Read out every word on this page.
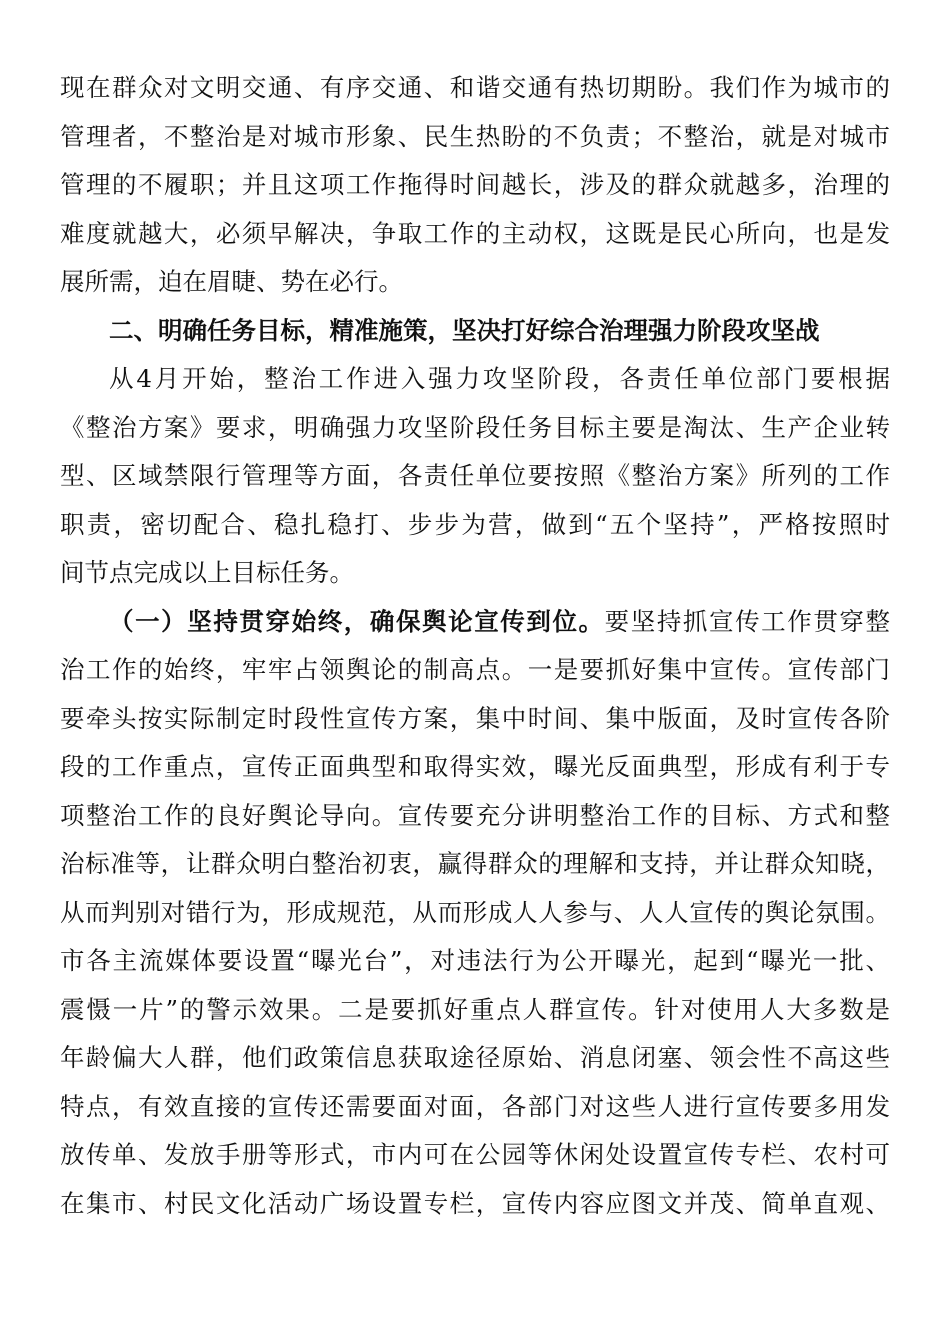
现在群众对文明交通、有序交通、和谐交通有热切期盼。我们作为城市的
管理者，不整治是对城市形象、民生热盼的不负责；不整治，就是对城市
管理的不履职；并且这项工作拖得时间越长，涉及的群众就越多，治理的
难度就越大，必须早解决，争取工作的主动权，这既是民心所向，也是发
展所需，迫在眉睫、势在必行。
二、明确任务目标，精准施策，坚决打好综合治理强力阶段攻坚战
从4月开始，整治工作进入强力攻坚阶段，各责任单位部门要根据
《整治方案》要求，明确强力攻坚阶段任务目标主要是淘汰、生产企业转
型、区域禁限行管理等方面，各责任单位要按照《整治方案》所列的工作
职责，密切配合、稳扎稳打、步步为营，做到“五个坚持”，严格按照时
间节点完成以上目标任务。
（一）坚持贯穿始终，确保舆论宣传到位。要坚持抓宣传工作贯穿整
治工作的始终，牢牢占领舆论的制高点。一是要抓好集中宣传。宣传部门
要牵头按实际制定时段性宣传方案，集中时间、集中版面，及时宣传各阶
段的工作重点，宣传正面典型和取得实效，曝光反面典型，形成有利于专
项整治工作的良好舆论导向。宣传要充分讲明整治工作的目标、方式和整
治标准等，让群众明白整治初衷，赢得群众的理解和支持，并让群众知晓，
从而判别对错行为，形成规范，从而形成人人参与、人人宣传的舆论氛围。
市各主流媒体要设置“曝光台”，对违法行为公开曝光，起到“曝光一批、
震慑一片”的警示效果。二是要抓好重点人群宣传。针对使用人大多数是
年龄偏大人群，他们政策信息获取途径原始、消息闭塞、领会性不高这些
特点，有效直接的宣传还需要面对面，各部门对这些人进行宣传要多用发
放传单、发放手册等形式，市内可在公园等休闲处设置宣传专栏、农村可
在集市、村民文化活动广场设置专栏，宣传内容应图文并茂、简单直观、
